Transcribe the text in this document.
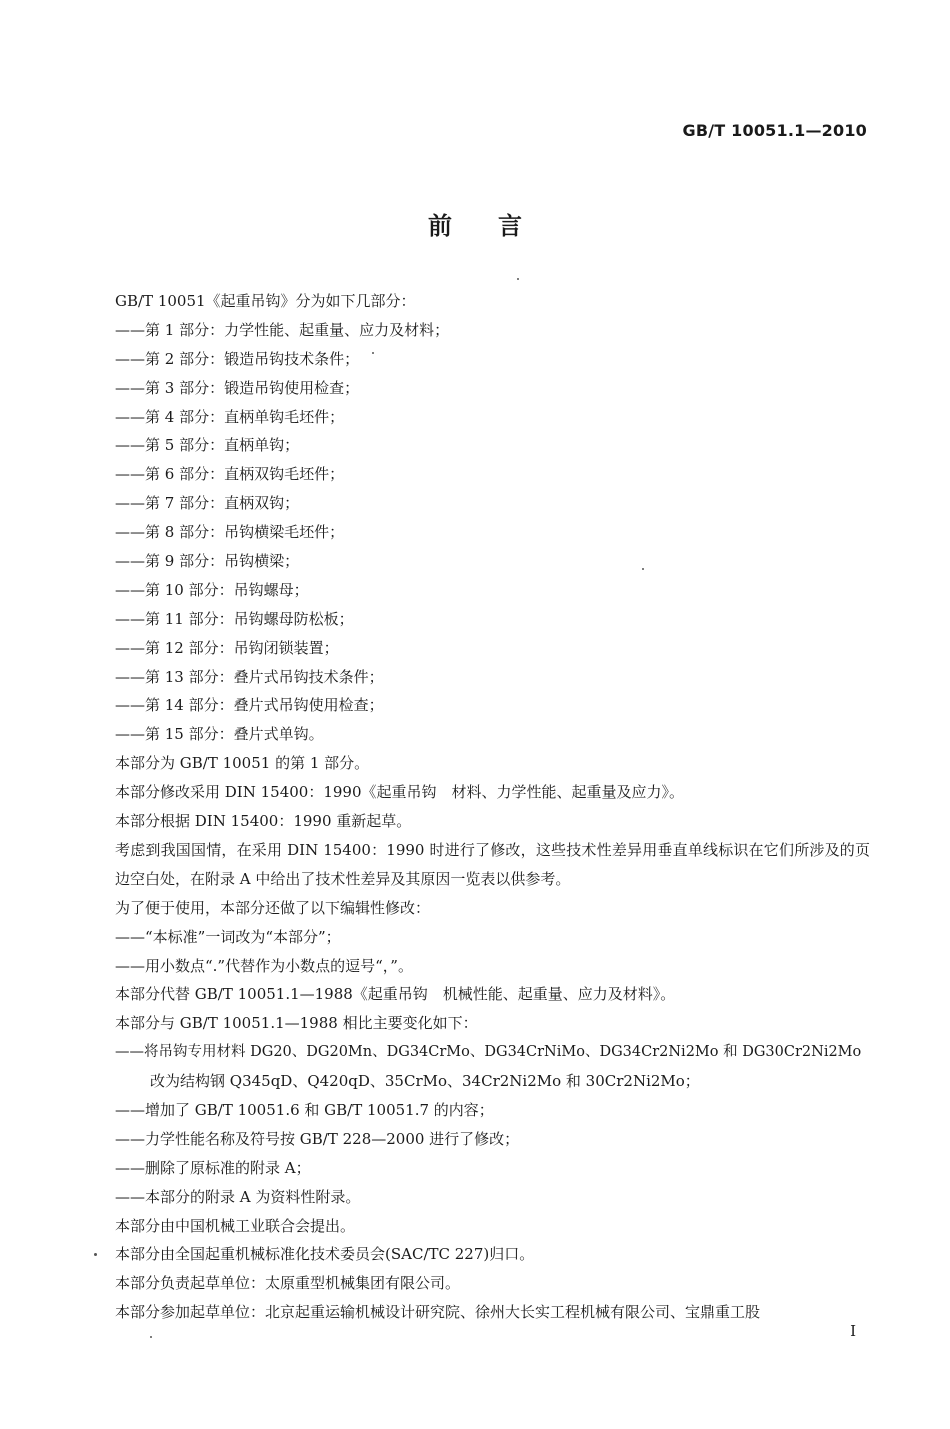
GB/T 10051.1—2010
前言
GB/T 10051《起重吊钩》分为如下几部分：
——第 1 部分：力学性能、起重量、应力及材料；
——第 2 部分：锻造吊钩技术条件；
——第 3 部分：锻造吊钩使用检查；
——第 4 部分：直柄单钩毛坯件；
——第 5 部分：直柄单钩；
——第 6 部分：直柄双钩毛坯件；
——第 7 部分：直柄双钩；
——第 8 部分：吊钩横梁毛坯件；
——第 9 部分：吊钩横梁；
——第 10 部分：吊钩螺母；
——第 11 部分：吊钩螺母防松板；
——第 12 部分：吊钩闭锁装置；
——第 13 部分：叠片式吊钩技术条件；
——第 14 部分：叠片式吊钩使用检查；
——第 15 部分：叠片式单钩。
本部分为 GB/T 10051 的第 1 部分。
本部分修改采用 DIN 15400：1990《起重吊钩　材料、力学性能、起重量及应力》。
本部分根据 DIN 15400：1990 重新起草。
考虑到我国国情，在采用 DIN 15400：1990 时进行了修改，这些技术性差异用垂直单线标识在它们所涉及的页边空白处，在附录 A 中给出了技术性差异及其原因一览表以供参考。
为了便于使用，本部分还做了以下编辑性修改：
——“本标准”一词改为“本部分”；
——用小数点“.”代替作为小数点的逗号“，”。
本部分代替 GB/T 10051.1—1988《起重吊钩　机械性能、起重量、应力及材料》。
本部分与 GB/T 10051.1—1988 相比主要变化如下：
——将吊钩专用材料 DG20、DG20Mn、DG34CrMo、DG34CrNiMo、DG34Cr2Ni2Mo 和 DG30Cr2Ni2Mo
改为结构钢 Q345qD、Q420qD、35CrMo、34Cr2Ni2Mo 和 30Cr2Ni2Mo；
——增加了 GB/T 10051.6 和 GB/T 10051.7 的内容；
——力学性能名称及符号按 GB/T 228—2000 进行了修改；
——删除了原标准的附录 A；
——本部分的附录 A 为资料性附录。
本部分由中国机械工业联合会提出。
本部分由全国起重机械标准化技术委员会(SAC/TC 227)归口。
本部分负责起草单位：太原重型机械集团有限公司。
本部分参加起草单位：北京起重运输机械设计研究院、徐州大长实工程机械有限公司、宝鼎重工股
I
